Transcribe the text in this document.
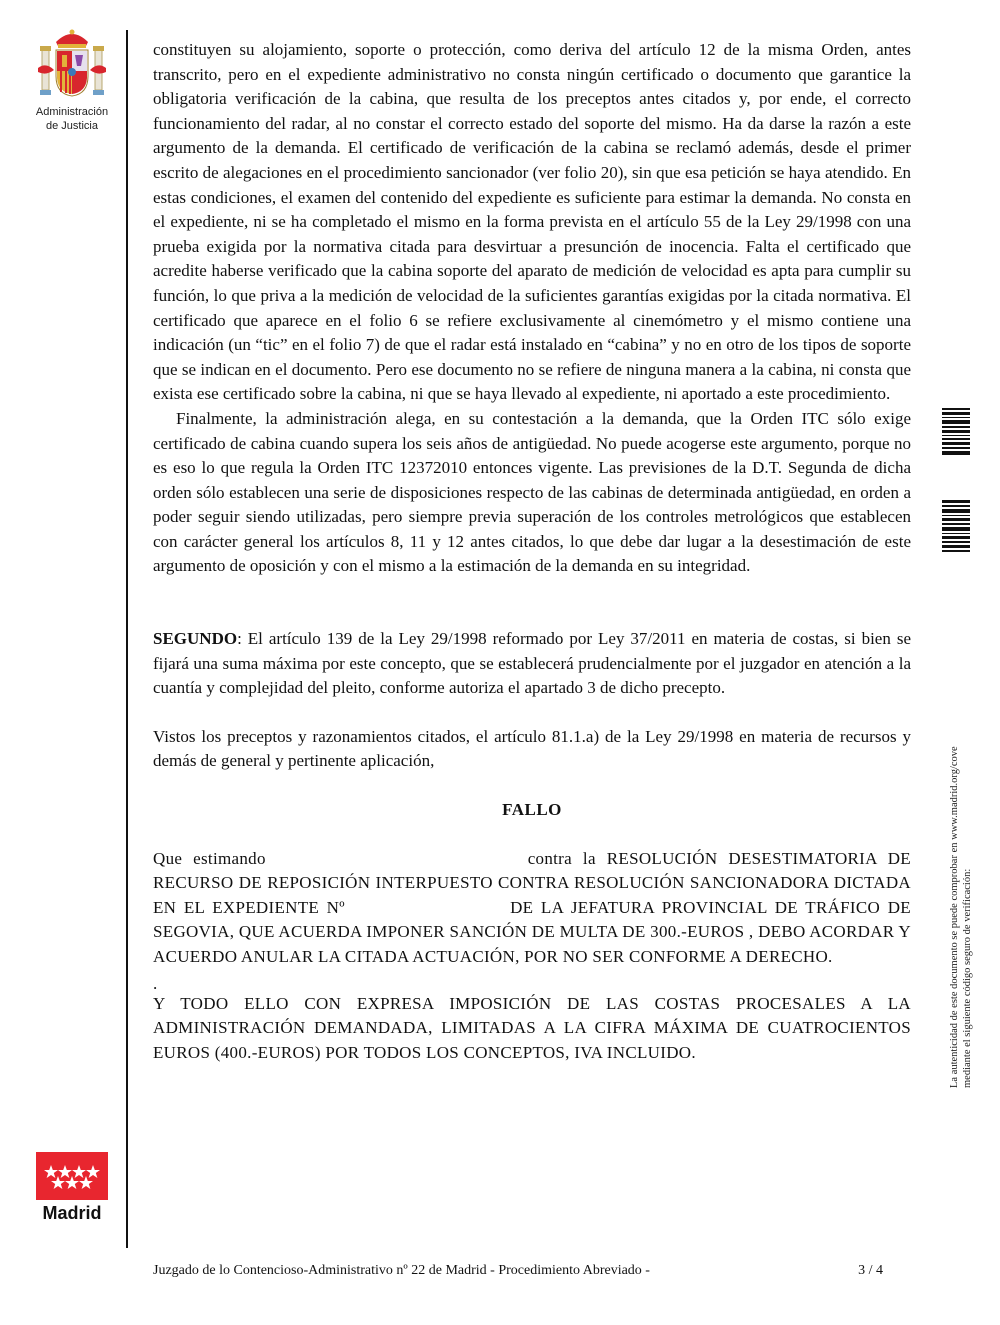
Administración
de Justicia

constituyen su alojamiento, soporte o protección, como deriva del artículo 12 de la misma Orden, antes transcrito, pero en el expediente administrativo no consta ningún certificado o documento que garantice la obligatoria verificación de la cabina, que resulta de los preceptos antes citados y, por ende, el correcto funcionamiento del radar, al no constar el correcto estado del soporte del mismo. Ha da darse la razón a este argumento de la demanda. El certificado de verificación de la cabina se reclamó además, desde el primer escrito de alegaciones en el procedimiento sancionador (ver folio 20), sin que esa petición se haya atendido. En estas condiciones, el examen del contenido del expediente es suficiente para estimar la demanda. No consta en el expediente, ni se ha completado el mismo en la forma prevista en el artículo 55 de la Ley 29/1998 con una prueba exigida por la normativa citada para desvirtuar a presunción de inocencia. Falta el certificado que acredite haberse verificado que la cabina soporte del aparato de medición de velocidad es apta para cumplir su función, lo que priva a la medición de velocidad de la suficientes garantías exigidas por la citada normativa. El certificado que aparece en el folio 6 se refiere exclusivamente al cinemómetro y el mismo contiene una indicación (un “tic” en el folio 7) de que el radar está instalado en “cabina” y no en otro de los tipos de soporte que se indican en el documento. Pero ese documento no se refiere de ninguna manera a la cabina, ni consta que exista ese certificado sobre la cabina, ni que se haya llevado al expediente, ni aportado a este procedimiento.

Finalmente, la administración alega, en su contestación a la demanda, que la Orden ITC sólo exige certificado de cabina cuando supera los seis años de antigüedad. No puede acogerse este argumento, porque no es eso lo que regula la Orden ITC 12372010 entonces vigente. Las previsiones de la D.T. Segunda de dicha orden sólo establecen una serie de disposiciones respecto de las cabinas de determinada antigüedad, en orden a poder seguir siendo utilizadas, pero siempre previa superación de los controles metrológicos que establecen con carácter general los artículos 8, 11 y 12 antes citados, lo que debe dar lugar a la desestimación de este argumento de oposición y con el mismo a la estimación de la demanda en su integridad.

SEGUNDO: El artículo 139 de la Ley 29/1998 reformado por Ley 37/2011 en materia de costas, si bien se fijará una suma máxima por este concepto, que se establecerá prudencialmente por el juzgador en atención a la cuantía y complejidad del pleito, conforme autoriza el apartado 3 de dicho precepto.

Vistos los preceptos y razonamientos citados, el artículo 81.1.a) de la Ley 29/1998 en materia de recursos y demás de general y pertinente aplicación,

FALLO

Que estimando	contra la RESOLUCIÓN DESESTIMATORIA DE RECURSO DE REPOSICIÓN INTERPUESTO CONTRA RESOLUCIÓN SANCIONADORA DICTADA EN EL EXPEDIENTE Nº	DE LA JEFATURA PROVINCIAL DE TRÁFICO DE SEGOVIA, QUE ACUERDA IMPONER SANCIÓN DE MULTA DE 300.-EUROS , DEBO ACORDAR Y ACUERDO ANULAR LA CITADA ACTUACIÓN, POR NO SER CONFORME A DERECHO.

.

Y TODO ELLO CON EXPRESA IMPOSICIÓN DE LAS COSTAS PROCESALES A LA ADMINISTRACIÓN DEMANDADA, LIMITADAS A LA CIFRA MÁXIMA DE CUATROCIENTOS EUROS (400.-EUROS) POR TODOS LOS CONCEPTOS, IVA INCLUIDO.

Madrid
Juzgado de lo Contencioso-Administrativo nº 22 de Madrid - Procedimiento Abreviado -	3 / 4
La autenticidad de este documento se puede comprobar en www.madrid.org/cove mediante el siguiente código seguro de verificación:
